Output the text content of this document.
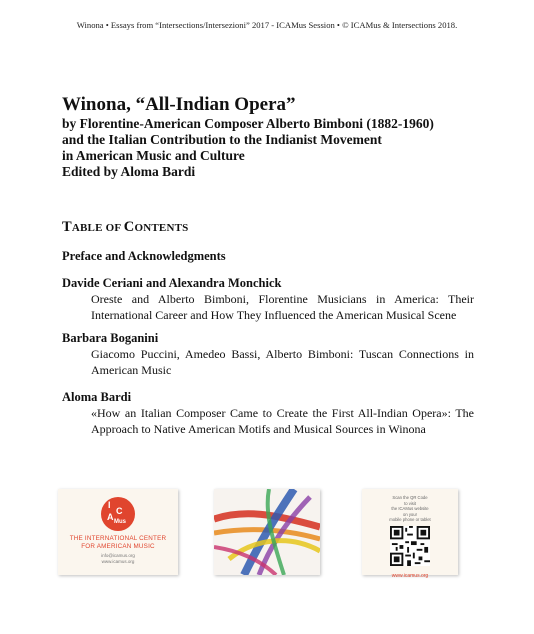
Winona • Essays from “Intersections/Intersezioni” 2017 - ICAMus Session • © ICAMus & Intersections 2018.
Winona, “All-Indian Opera”
by Florentine-American Composer Alberto Bimboni (1882-1960)
and the Italian Contribution to the Indianist Movement
in American Music and Culture
Edited by Aloma Bardi
TABLE OF CONTENTS
Preface and Acknowledgments
Davide Ceriani and Alexandra Monchick
Oreste and Alberto Bimboni, Florentine Musicians in America: Their International Career and How They Influenced the American Musical Scene
Barbara Boganini
Giacomo Puccini, Amedeo Bassi, Alberto Bimboni: Tuscan Connections in American Music
Aloma Bardi
«How an Italian Composer Came to Create the First All-Indian Opera»: The Approach to Native American Motifs and Musical Sources in Winona
I
C
A Mus
THE INTERNATIONAL CENTER
FOR AMERICAN MUSIC
info@icamus.org
www.icamus.org
Scan the QR Code
to visit
the ICAMus website
on your
mobile phone or tablet
www.icamus.org
